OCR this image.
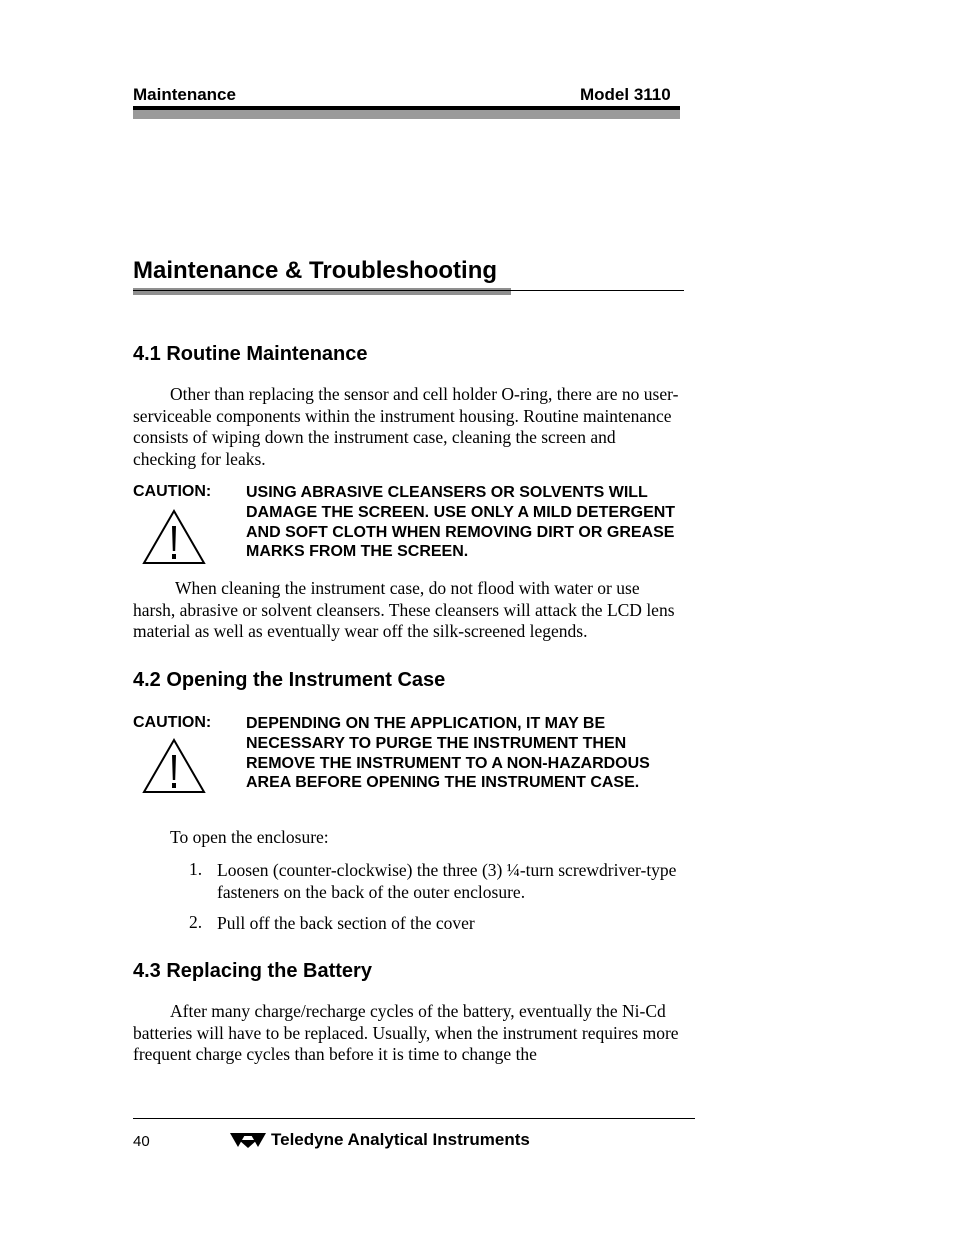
Maintenance	Model 3110
Maintenance & Troubleshooting
4.1 Routine Maintenance
Other than replacing the sensor and cell holder O-ring, there are no user-serviceable components within the instrument housing. Routine maintenance consists of wiping down the instrument case, cleaning the screen and checking for leaks.
CAUTION: USING ABRASIVE CLEANSERS OR SOLVENTS WILL DAMAGE THE SCREEN. USE ONLY A MILD DETERGENT AND SOFT CLOTH WHEN REMOVING DIRT OR GREASE MARKS FROM THE SCREEN.
When cleaning the instrument case, do not flood with water or use harsh, abrasive or solvent cleansers. These cleansers will attack the LCD lens material as well as eventually wear off the silk-screened legends.
4.2 Opening the Instrument Case
CAUTION: DEPENDING ON THE APPLICATION, IT MAY BE NECESSARY TO PURGE THE INSTRUMENT THEN REMOVE THE INSTRUMENT TO A NON-HAZARDOUS AREA BEFORE OPENING THE INSTRUMENT CASE.
To open the enclosure:
1. Loosen (counter-clockwise) the three (3) ¼-turn screwdriver-type fasteners on the back of the outer enclosure.
2. Pull off the back section of the cover
4.3 Replacing the Battery
After many charge/recharge cycles of the battery, eventually the Ni-Cd batteries will have to be replaced. Usually, when the instrument requires more frequent charge cycles than before it is time to change the
40	Teledyne Analytical Instruments
